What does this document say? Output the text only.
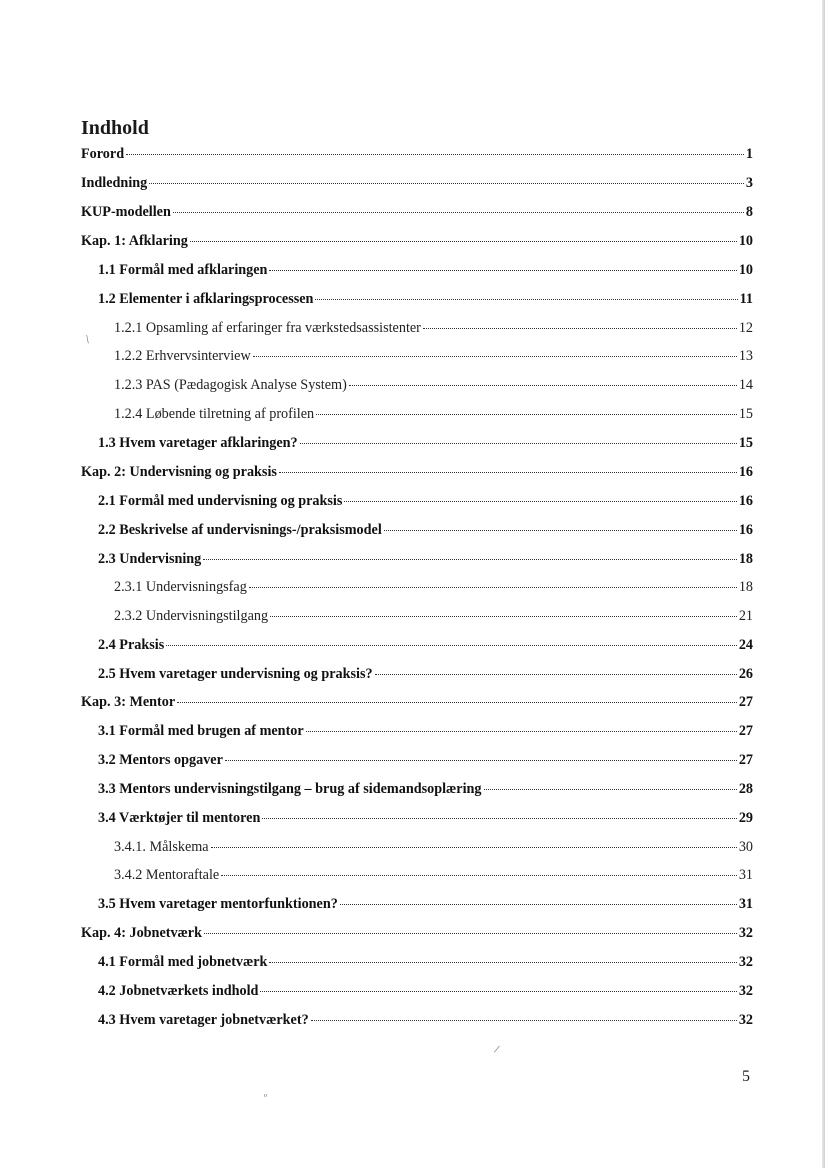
Indhold
Forord	1
Indledning	3
KUP-modellen	8
Kap. 1: Afklaring	10
1.1 Formål med afklaringen	10
1.2 Elementer i afklaringsprocessen	11
1.2.1 Opsamling af erfaringer fra værkstedsassistenter	12
1.2.2 Erhvervsinterview	13
1.2.3 PAS (Pædagogisk Analyse System)	14
1.2.4 Løbende tilretning af profilen	15
1.3 Hvem varetager afklaringen?	15
Kap. 2: Undervisning og praksis	16
2.1 Formål med undervisning og praksis	16
2.2 Beskrivelse af undervisnings-/praksismodel	16
2.3 Undervisning	18
2.3.1 Undervisningsfag	18
2.3.2 Undervisningstilgang	21
2.4 Praksis	24
2.5 Hvem varetager undervisning og praksis?	26
Kap. 3: Mentor	27
3.1 Formål med brugen af mentor	27
3.2 Mentors opgaver	27
3.3 Mentors undervisningstilgang – brug af sidemandsoplæring	28
3.4 Værktøjer til mentoren	29
3.4.1. Målskema	30
3.4.2 Mentoraftale	31
3.5 Hvem varetager mentorfunktionen?	31
Kap. 4: Jobnetværk	32
4.1 Formål med jobnetværk	32
4.2 Jobnetværkets indhold	32
4.3 Hvem varetager jobnetværket?	32
/
/
ₒ
5
